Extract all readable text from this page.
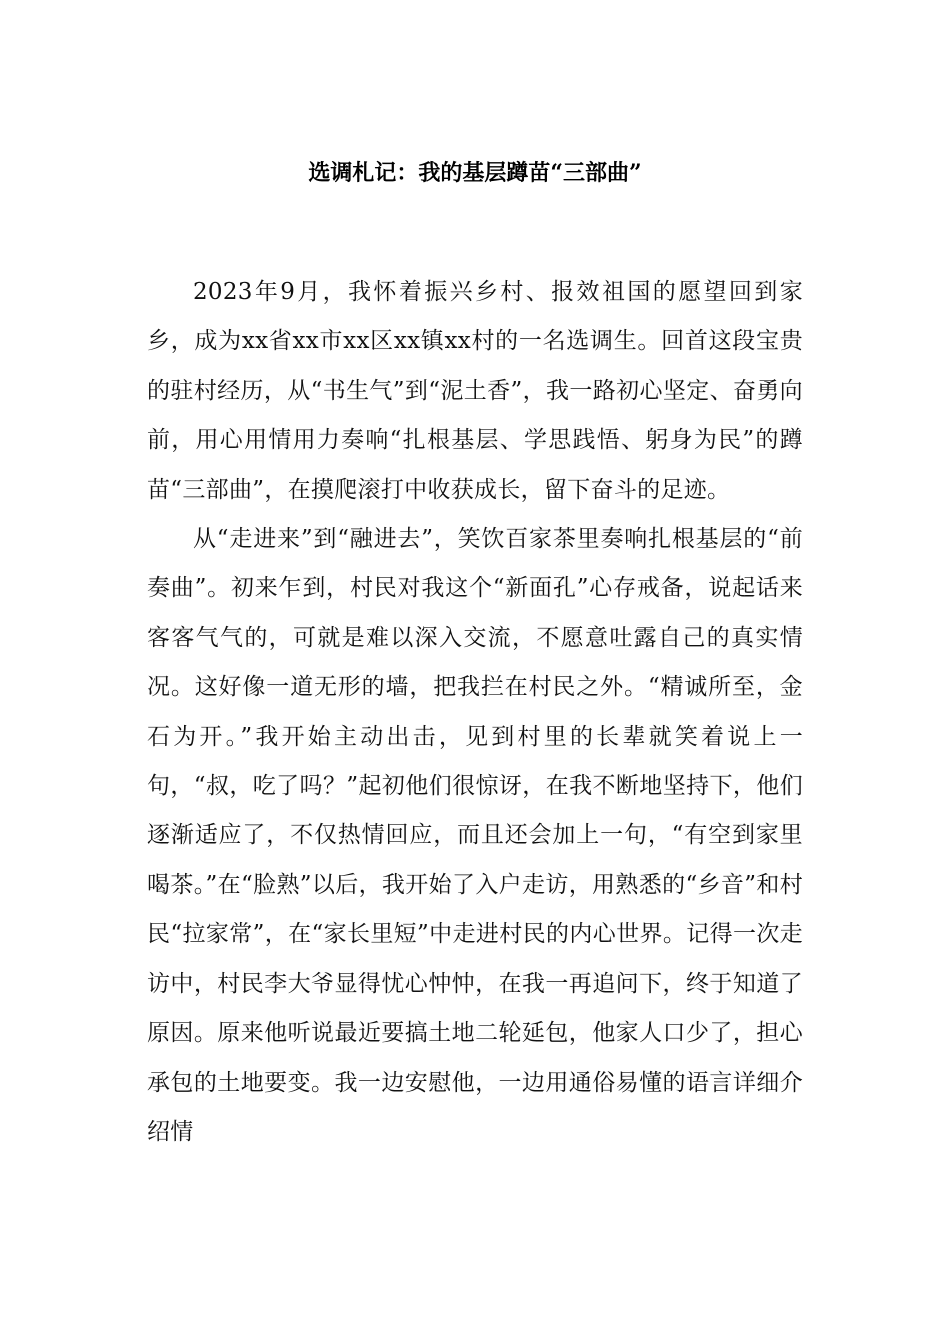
选调札记：我的基层蹲苗“三部曲”

2023年9月，我怀着振兴乡村、报效祖国的愿望回到家乡，成为xx省xx市xx区xx镇xx村的一名选调生。回首这段宝贵的驻村经历，从“书生气”到“泥土香”，我一路初心坚定、奋勇向前，用心用情用力奏响“扎根基层、学思践悟、躬身为民”的蹲苗“三部曲”，在摸爬滚打中收获成长，留下奋斗的足迹。

从“走进来”到“融进去”，笑饮百家茶里奏响扎根基层的“前奏曲”。初来乍到，村民对我这个“新面孔”心存戒备，说起话来客客气气的，可就是难以深入交流，不愿意吐露自己的真实情况。这好像一道无形的墙，把我拦在村民之外。“精诚所至，金石为开。”我开始主动出击，见到村里的长辈就笑着说上一句，“叔，吃了吗？”起初他们很惊讶，在我不断地坚持下，他们逐渐适应了，不仅热情回应，而且还会加上一句，“有空到家里喝茶。”在“脸熟”以后，我开始了入户走访，用熟悉的“乡音”和村民“拉家常”，在“家长里短”中走进村民的内心世界。记得一次走访中，村民李大爷显得忧心忡忡，在我一再追问下，终于知道了原因。原来他听说最近要搞土地二轮延包，他家人口少了，担心承包的土地要变。我一边安慰他，一边用通俗易懂的语言详细介绍情
